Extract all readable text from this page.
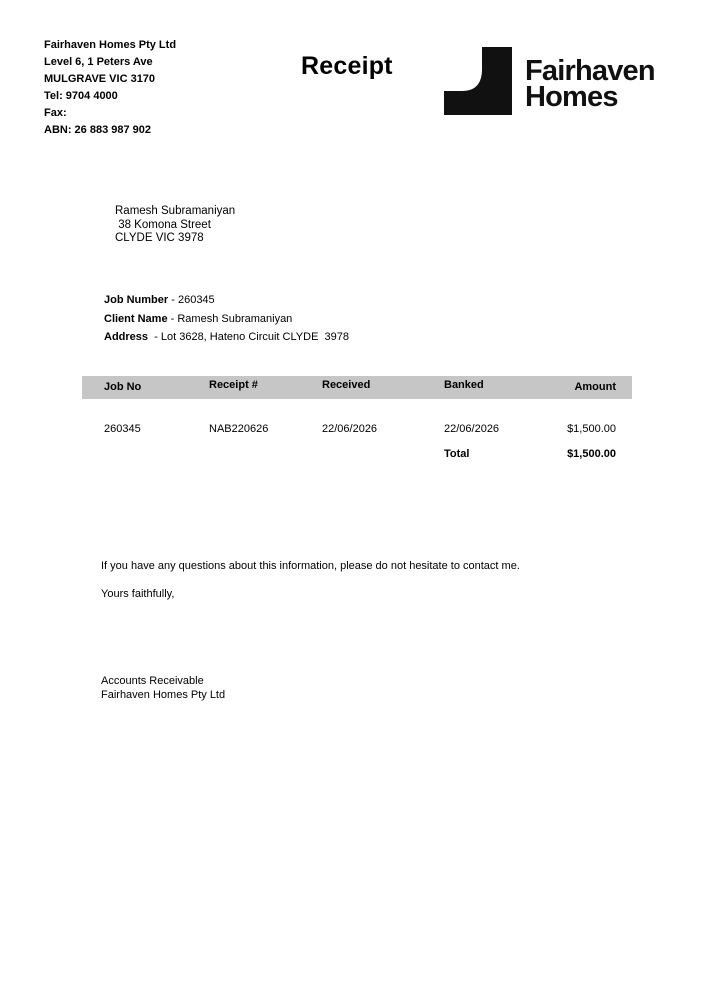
Fairhaven Homes Pty Ltd
Level 6, 1 Peters Ave
MULGRAVE VIC 3170
Tel: 9704 4000
Fax:
ABN: 26 883 987 902
Receipt	Fairhaven
Homes
Ramesh Subramaniyan
38 Komona Street
CLYDE VIC 3978
Job Number - 260345
Client Name - Ramesh Subramaniyan
Address  - Lot 3628, Hateno Circuit CLYDE  3978
Job No	Receipt #	Received	Banked	Amount
260345	NAB220626	22/06/2026	22/06/2026	$1,500.00
Total	$1,500.00
If you have any questions about this information, please do not hesitate to contact me.
Yours faithfully,
Accounts Receivable
Fairhaven Homes Pty Ltd
